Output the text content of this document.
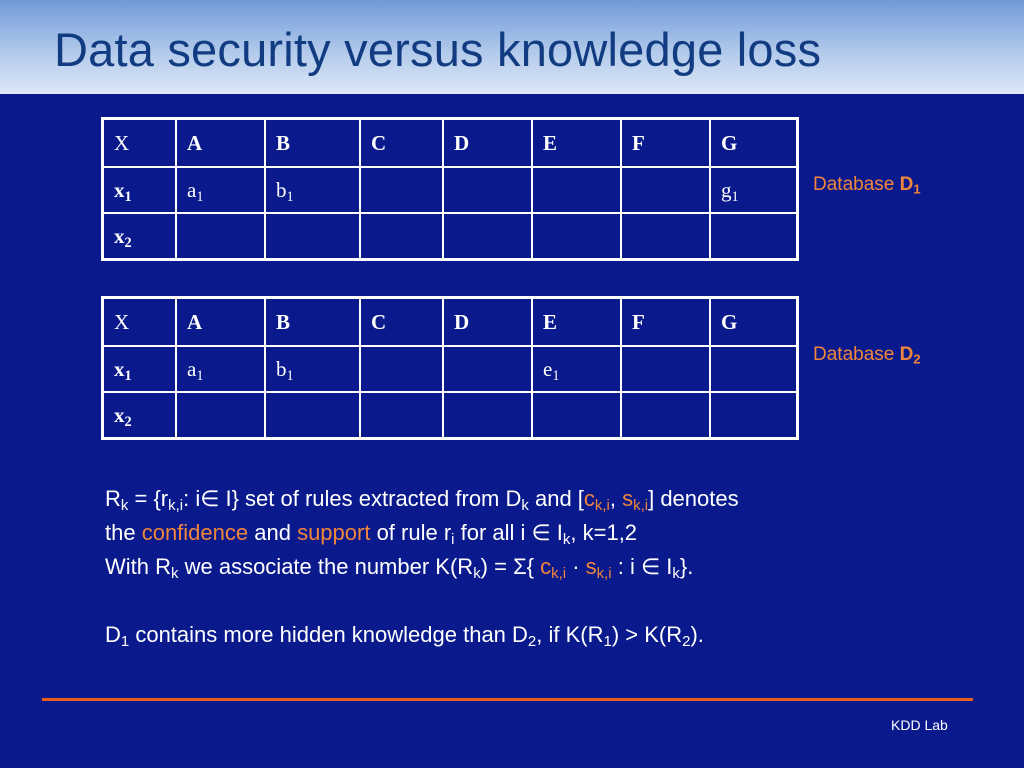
Data security versus knowledge loss
X	A	B	C	D	E	F	G
$x_1$	$a_1$	$b_1$					$g_1$
$x_2$							
Database $D_1$
X	A	B	C	D	E	F	G
$x_1$	$a_1$	$b_1$			$e_1$		
$x_2$							
Database $D_2$
$R_k = \{r_{k,i}$: i∈ I} set of rules extracted from $D_k$ and [$c_{k,i}$, $s_{k,i}$] denotes
the confidence and support of rule $r_i$ for all i ∈ $I_k$, k=1,2
With $R_k$ we associate the number $K(R_k) = \Sigma${ $c_{k,i} \cdot s_{k,i}$ : i ∈ $I_k$}.
$D_1$ contains more hidden knowledge than $D_2$, if $K(R_1) > K(R_2)$.
KDD Lab
